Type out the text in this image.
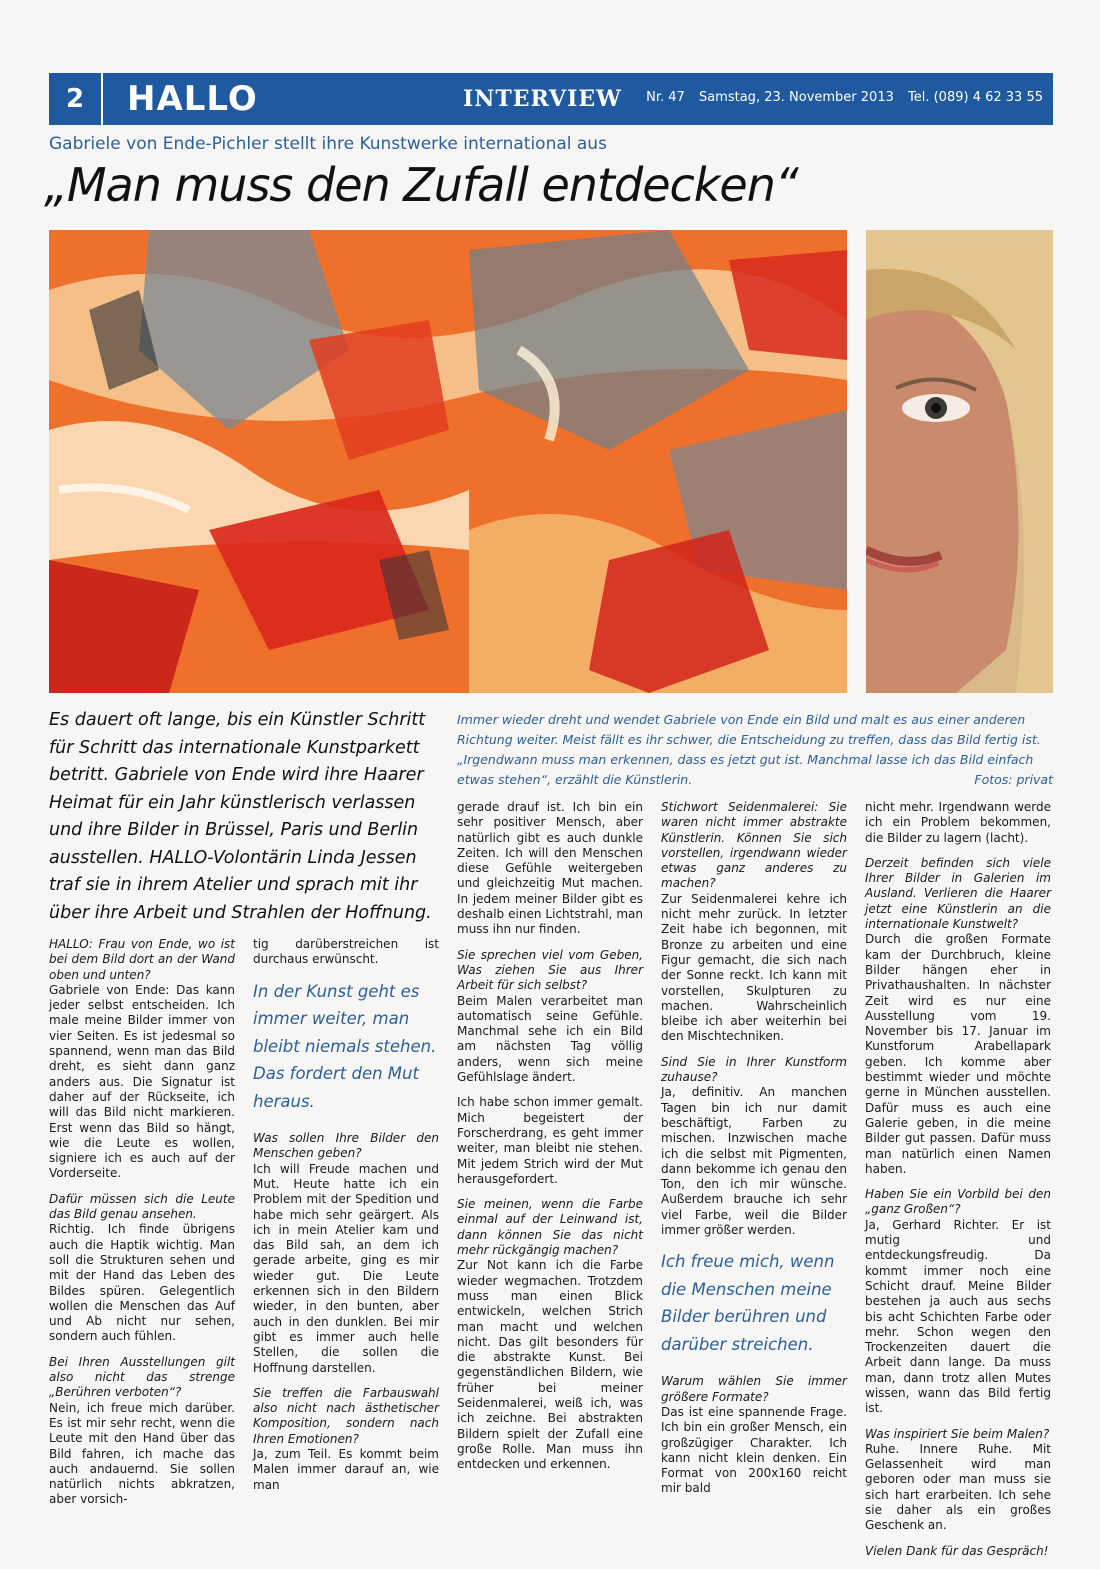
2	HALLO	INTERVIEW	Nr. 47 Samstag, 23. November 2013 Tel. (089) 4 62 33 55
Gabriele von Ende-Pichler stellt ihre Kunstwerke international aus
„Man muss den Zufall entdecken“
Es dauert oft lange, bis ein Künstler Schritt für Schritt das internationale Kunstparkett betritt. Gabriele von Ende wird ihre Haarer Heimat für ein Jahr künstlerisch verlassen und ihre Bilder in Brüssel, Paris und Berlin ausstellen. HALLO-Volontärin Linda Jessen traf sie in ihrem Atelier und sprach mit ihr über ihre Arbeit und Strahlen der Hoffnung.
Immer wieder dreht und wendet Gabriele von Ende ein Bild und malt es aus einer anderen Richtung weiter. Meist fällt es ihr schwer, die Entscheidung zu treffen, dass das Bild fertig ist. „Irgendwann muss man erkennen, dass es jetzt gut ist. Manchmal lasse ich das Bild einfach etwas stehen“, erzählt die Künstlerin.	Fotos: privat

HALLO: Frau von Ende, wo ist bei dem Bild dort an der Wand oben und unten?
Gabriele von Ende: Das kann jeder selbst entscheiden. Ich male meine Bilder immer von vier Seiten. Es ist jedesmal so spannend, wenn man das Bild dreht, es sieht dann ganz anders aus. Die Signatur ist daher auf der Rückseite, ich will das Bild nicht markieren. Erst wenn das Bild so hängt, wie die Leute es wollen, signiere ich es auch auf der Vorderseite.

Dafür müssen sich die Leute das Bild genau ansehen.
Richtig. Ich finde übrigens auch die Haptik wichtig. Man soll die Strukturen sehen und mit der Hand das Leben des Bildes spüren. Gelegentlich wollen die Menschen das Auf und Ab nicht nur sehen, sondern auch fühlen.

Bei Ihren Ausstellungen gilt also nicht das strenge „Berühren verboten“?
Nein, ich freue mich darüber. Es ist mir sehr recht, wenn die Leute mit den Hand über das Bild fahren, ich mache das auch andauernd. Sie sollen natürlich nichts abkratzen, aber vorsich-

tig darüberstreichen ist durchaus erwünscht.

In der Kunst geht es immer weiter, man bleibt niemals stehen. Das fordert den Mut heraus.

Was sollen Ihre Bilder den Menschen geben?
Ich will Freude machen und Mut. Heute hatte ich ein Problem mit der Spedition und habe mich sehr geärgert. Als ich in mein Atelier kam und das Bild sah, an dem ich gerade arbeite, ging es mir wieder gut. Die Leute erkennen sich in den Bildern wieder, in den bunten, aber auch in den dunklen. Bei mir gibt es immer auch helle Stellen, die sollen die Hoffnung darstellen.

Sie treffen die Farbauswahl also nicht nach ästhetischer Komposition, sondern nach Ihren Emotionen?
Ja, zum Teil. Es kommt beim Malen immer darauf an, wie man

gerade drauf ist. Ich bin ein sehr positiver Mensch, aber natürlich gibt es auch dunkle Zeiten. Ich will den Menschen diese Gefühle weitergeben und gleichzeitig Mut machen. In jedem meiner Bilder gibt es deshalb einen Lichtstrahl, man muss ihn nur finden.

Sie sprechen viel vom Geben, Was ziehen Sie aus Ihrer Arbeit für sich selbst?
Beim Malen verarbeitet man automatisch seine Gefühle. Manchmal sehe ich ein Bild am nächsten Tag völlig anders, wenn sich meine Gefühlslage ändert.

Ich habe schon immer gemalt. Mich begeistert der Forscherdrang, es geht immer weiter, man bleibt nie stehen. Mit jedem Strich wird der Mut herausgefordert.

Sie meinen, wenn die Farbe einmal auf der Leinwand ist, dann können Sie das nicht mehr rückgängig machen?
Zur Not kann ich die Farbe wieder wegmachen. Trotzdem muss man einen Blick entwickeln, welchen Strich man macht und welchen nicht. Das gilt besonders für die abstrakte Kunst. Bei gegenständlichen Bildern, wie früher bei meiner Seidenmalerei, weiß ich, was ich zeichne. Bei abstrakten Bildern spielt der Zufall eine große Rolle. Man muss ihn entdecken und erkennen.

Stichwort Seidenmalerei: Sie waren nicht immer abstrakte Künstlerin. Können Sie sich vorstellen, irgendwann wieder etwas ganz anderes zu machen?
Zur Seidenmalerei kehre ich nicht mehr zurück. In letzter Zeit habe ich begonnen, mit Bronze zu arbeiten und eine Figur gemacht, die sich nach der Sonne reckt. Ich kann mit vorstellen, Skulpturen zu machen. Wahrscheinlich bleibe ich aber weiterhin bei den Mischtechniken.

Sind Sie in Ihrer Kunstform zuhause?
Ja, definitiv. An manchen Tagen bin ich nur damit beschäftigt, Farben zu mischen. Inzwischen mache ich die selbst mit Pigmenten, dann bekomme ich genau den Ton, den ich mir wünsche. Außerdem brauche ich sehr viel Farbe, weil die Bilder immer größer werden.

Ich freue mich, wenn die Menschen meine Bilder berühren und darüber streichen.

Warum wählen Sie immer größere Formate?
Das ist eine spannende Frage. Ich bin ein großer Mensch, ein großzügiger Charakter. Ich kann nicht klein denken. Ein Format von 200x160 reicht mir bald

nicht mehr. Irgendwann werde ich ein Problem bekommen, die Bilder zu lagern (lacht).

Derzeit befinden sich viele Ihrer Bilder in Galerien im Ausland. Verlieren die Haarer jetzt eine Künstlerin an die internationale Kunstwelt?
Durch die großen Formate kam der Durchbruch, kleine Bilder hängen eher in Privathaushalten. In nächster Zeit wird es nur eine Ausstellung vom 19. November bis 17. Januar im Kunstforum Arabellapark geben. Ich komme aber bestimmt wieder und möchte gerne in München ausstellen. Dafür muss es auch eine Galerie geben, in die meine Bilder gut passen. Dafür muss man natürlich einen Namen haben.

Haben Sie ein Vorbild bei den „ganz Großen“?
Ja, Gerhard Richter. Er ist mutig und entdeckungsfreudig. Da kommt immer noch eine Schicht drauf. Meine Bilder bestehen ja auch aus sechs bis acht Schichten Farbe oder mehr. Schon wegen den Trockenzeiten dauert die Arbeit dann lange. Da muss man, dann trotz allen Mutes wissen, wann das Bild fertig ist.

Was inspiriert Sie beim Malen?
Ruhe. Innere Ruhe. Mit Gelassenheit wird man geboren oder man muss sie sich hart erarbeiten. Ich sehe sie daher als ein großes Geschenk an.

Vielen Dank für das Gespräch!
